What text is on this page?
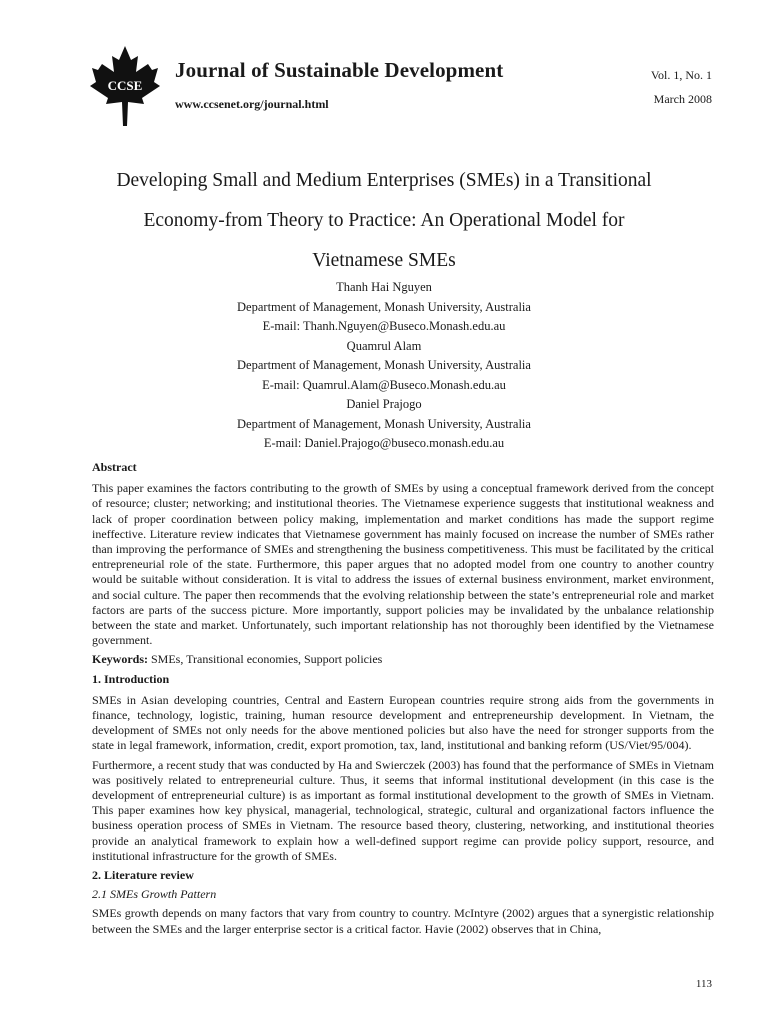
CCSE
Journal of Sustainable Development
www.ccsenet.org/journal.html
Vol. 1, No. 1
March 2008
Developing Small and Medium Enterprises (SMEs) in a Transitional
Economy-from Theory to Practice: An Operational Model for
Vietnamese SMEs
Thanh Hai Nguyen
Department of Management, Monash University, Australia
E-mail: Thanh.Nguyen@Buseco.Monash.edu.au
Quamrul Alam
Department of Management, Monash University, Australia
E-mail: Quamrul.Alam@Buseco.Monash.edu.au
Daniel Prajogo
Department of Management, Monash University, Australia
E-mail: Daniel.Prajogo@buseco.monash.edu.au

Abstract

This paper examines the factors contributing to the growth of SMEs by using a conceptual framework derived from the concept of resource; cluster; networking; and institutional theories. The Vietnamese experience suggests that institutional weakness and lack of proper coordination between policy making, implementation and market conditions has made the support regime ineffective. Literature review indicates that Vietnamese government has mainly focused on increase the number of SMEs rather than improving the performance of SMEs and strengthening the business competitiveness. This must be facilitated by the critical entrepreneurial role of the state. Furthermore, this paper argues that no adopted model from one country to another country would be suitable without consideration. It is vital to address the issues of external business environment, market environment, and social culture. The paper then recommends that the evolving relationship between the state’s entrepreneurial role and market factors are parts of the success picture. More importantly, support policies may be invalidated by the unbalance relationship between the state and market. Unfortunately, such important relationship has not thoroughly been identified by the Vietnamese government.

Keywords: SMEs, Transitional economies, Support policies

1. Introduction

SMEs in Asian developing countries, Central and Eastern European countries require strong aids from the governments in finance, technology, logistic, training, human resource development and entrepreneurship development. In Vietnam, the development of SMEs not only needs for the above mentioned policies but also have the need for stronger supports from the state in legal framework, information, credit, export promotion, tax, land, institutional and banking reform (US/Viet/95/004).

Furthermore, a recent study that was conducted by Ha and Swierczek (2003) has found that the performance of SMEs in Vietnam was positively related to entrepreneurial culture. Thus, it seems that informal institutional development (in this case is the development of entrepreneurial culture) is as important as formal institutional development to the growth of SMEs in Vietnam. This paper examines how key physical, managerial, technological, strategic, cultural and organizational factors influence the business operation process of SMEs in Vietnam. The resource based theory, clustering, networking, and institutional theories provide an analytical framework to explain how a well-defined support regime can provide policy support, resource, and institutional infrastructure for the growth of SMEs.

2. Literature review

2.1 SMEs Growth Pattern

SMEs growth depends on many factors that vary from country to country. McIntyre (2002) argues that a synergistic relationship between the SMEs and the larger enterprise sector is a critical factor. Havie (2002) observes that in China,

113
